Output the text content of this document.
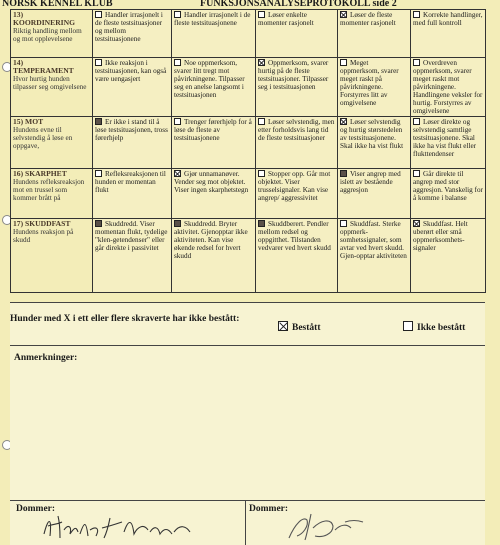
NORSK KENNEL KLUB	FUNKSJONSANALYSEPROTOKOLL side 2
13)
KOORDINERING
Riktig handling mellom og mot opplevelsene	Handler irrasjonelt i de fleste testsituasjoner og mellom testsituasjonene	Handler irrasjonelt i de fleste testsituasjonene	Løser enkelte momenter rasjonelt	Løser de fleste momenter rasjonelt	Korrekte handlinger, med full kontroll

14)
TEMPERAMENT
Hvor hurtig hunden tilpasser seg omgivelsene	Ikke reaksjon i testsituasjonen, kan også være uengasjert	Noe oppmerksom, svarer litt tregt mot påvirkningene. Tilpasser seg en anelse langsomt i testsituasjonen	Oppmerksom, svarer hurtig på de fleste testsituasjoner. Tilpasser seg i testsituasjonen	Meget oppmerksom, svarer meget raskt på påvirkningene. Forstyrres litt av omgivelsene	Overdreven oppmerksom, svarer meget raskt mot påvirkningene. Handlingene veksler for hurtig. Forstyrres av omgivelsene

15) MOT
Hundens evne til selvstendig å løse en oppgave,	Er ikke i stand til å løse testsituasjonen, tross førerhjelp	Trenger førerhjelp for å løse de fleste av testsituasjonene	Løser selvstendig, men etter forholdsvis lang tid de fleste testsituasjoner	Løser selvstendig og hurtig størstedelen av testsituasjonene. Skal ikke ha vist flukt	Løser direkte og selvstendig samtlige testsituasjonene. Skal ikke ha vist flukt eller flukttendenser

16) SKARPHET
Hundens refleksreaksjon mot en trussel som kommer brått på	Refleksreaksjonen til hunden er momentan flukt	Gjør unnamanøver. Vender seg mot objektet. Viser ingen skarphetstegn	Stopper opp. Går mot objektet. Viser trusselsignaler. Kan vise angrep/ aggressivitet	Viser angrep med islett av bestående aggresjon	Går direkte til angrep med stor aggresjon. Vanskelig for å komme i balanse

17) SKUDDFAST
Hundens reaksjon på skudd	Skuddredd. Viser momentan flukt, tydelige "klen-getendenser" eller går direkte i passivitet	Skuddredd. Bryter aktivitet. Gjenopptar ikke aktiviteten. Kan vise økende redsel for hvert skudd	Skuddberert. Pendler mellom redsel og oppgitthet. Tilstanden vedvarer ved hvert skudd	Skuddfast. Sterke oppmerk-somhetssignaler, som avtar ved hvert skudd. Gjen-opptar aktiviteten	Skuddfast. Helt uberørt eller små oppmerksomhets-signaler
Hunder med X i ett eller flere skraverte har ikke bestått:
Bestått	Ikke bestått
Anmerkninger:
Dommer:	Dommer:
